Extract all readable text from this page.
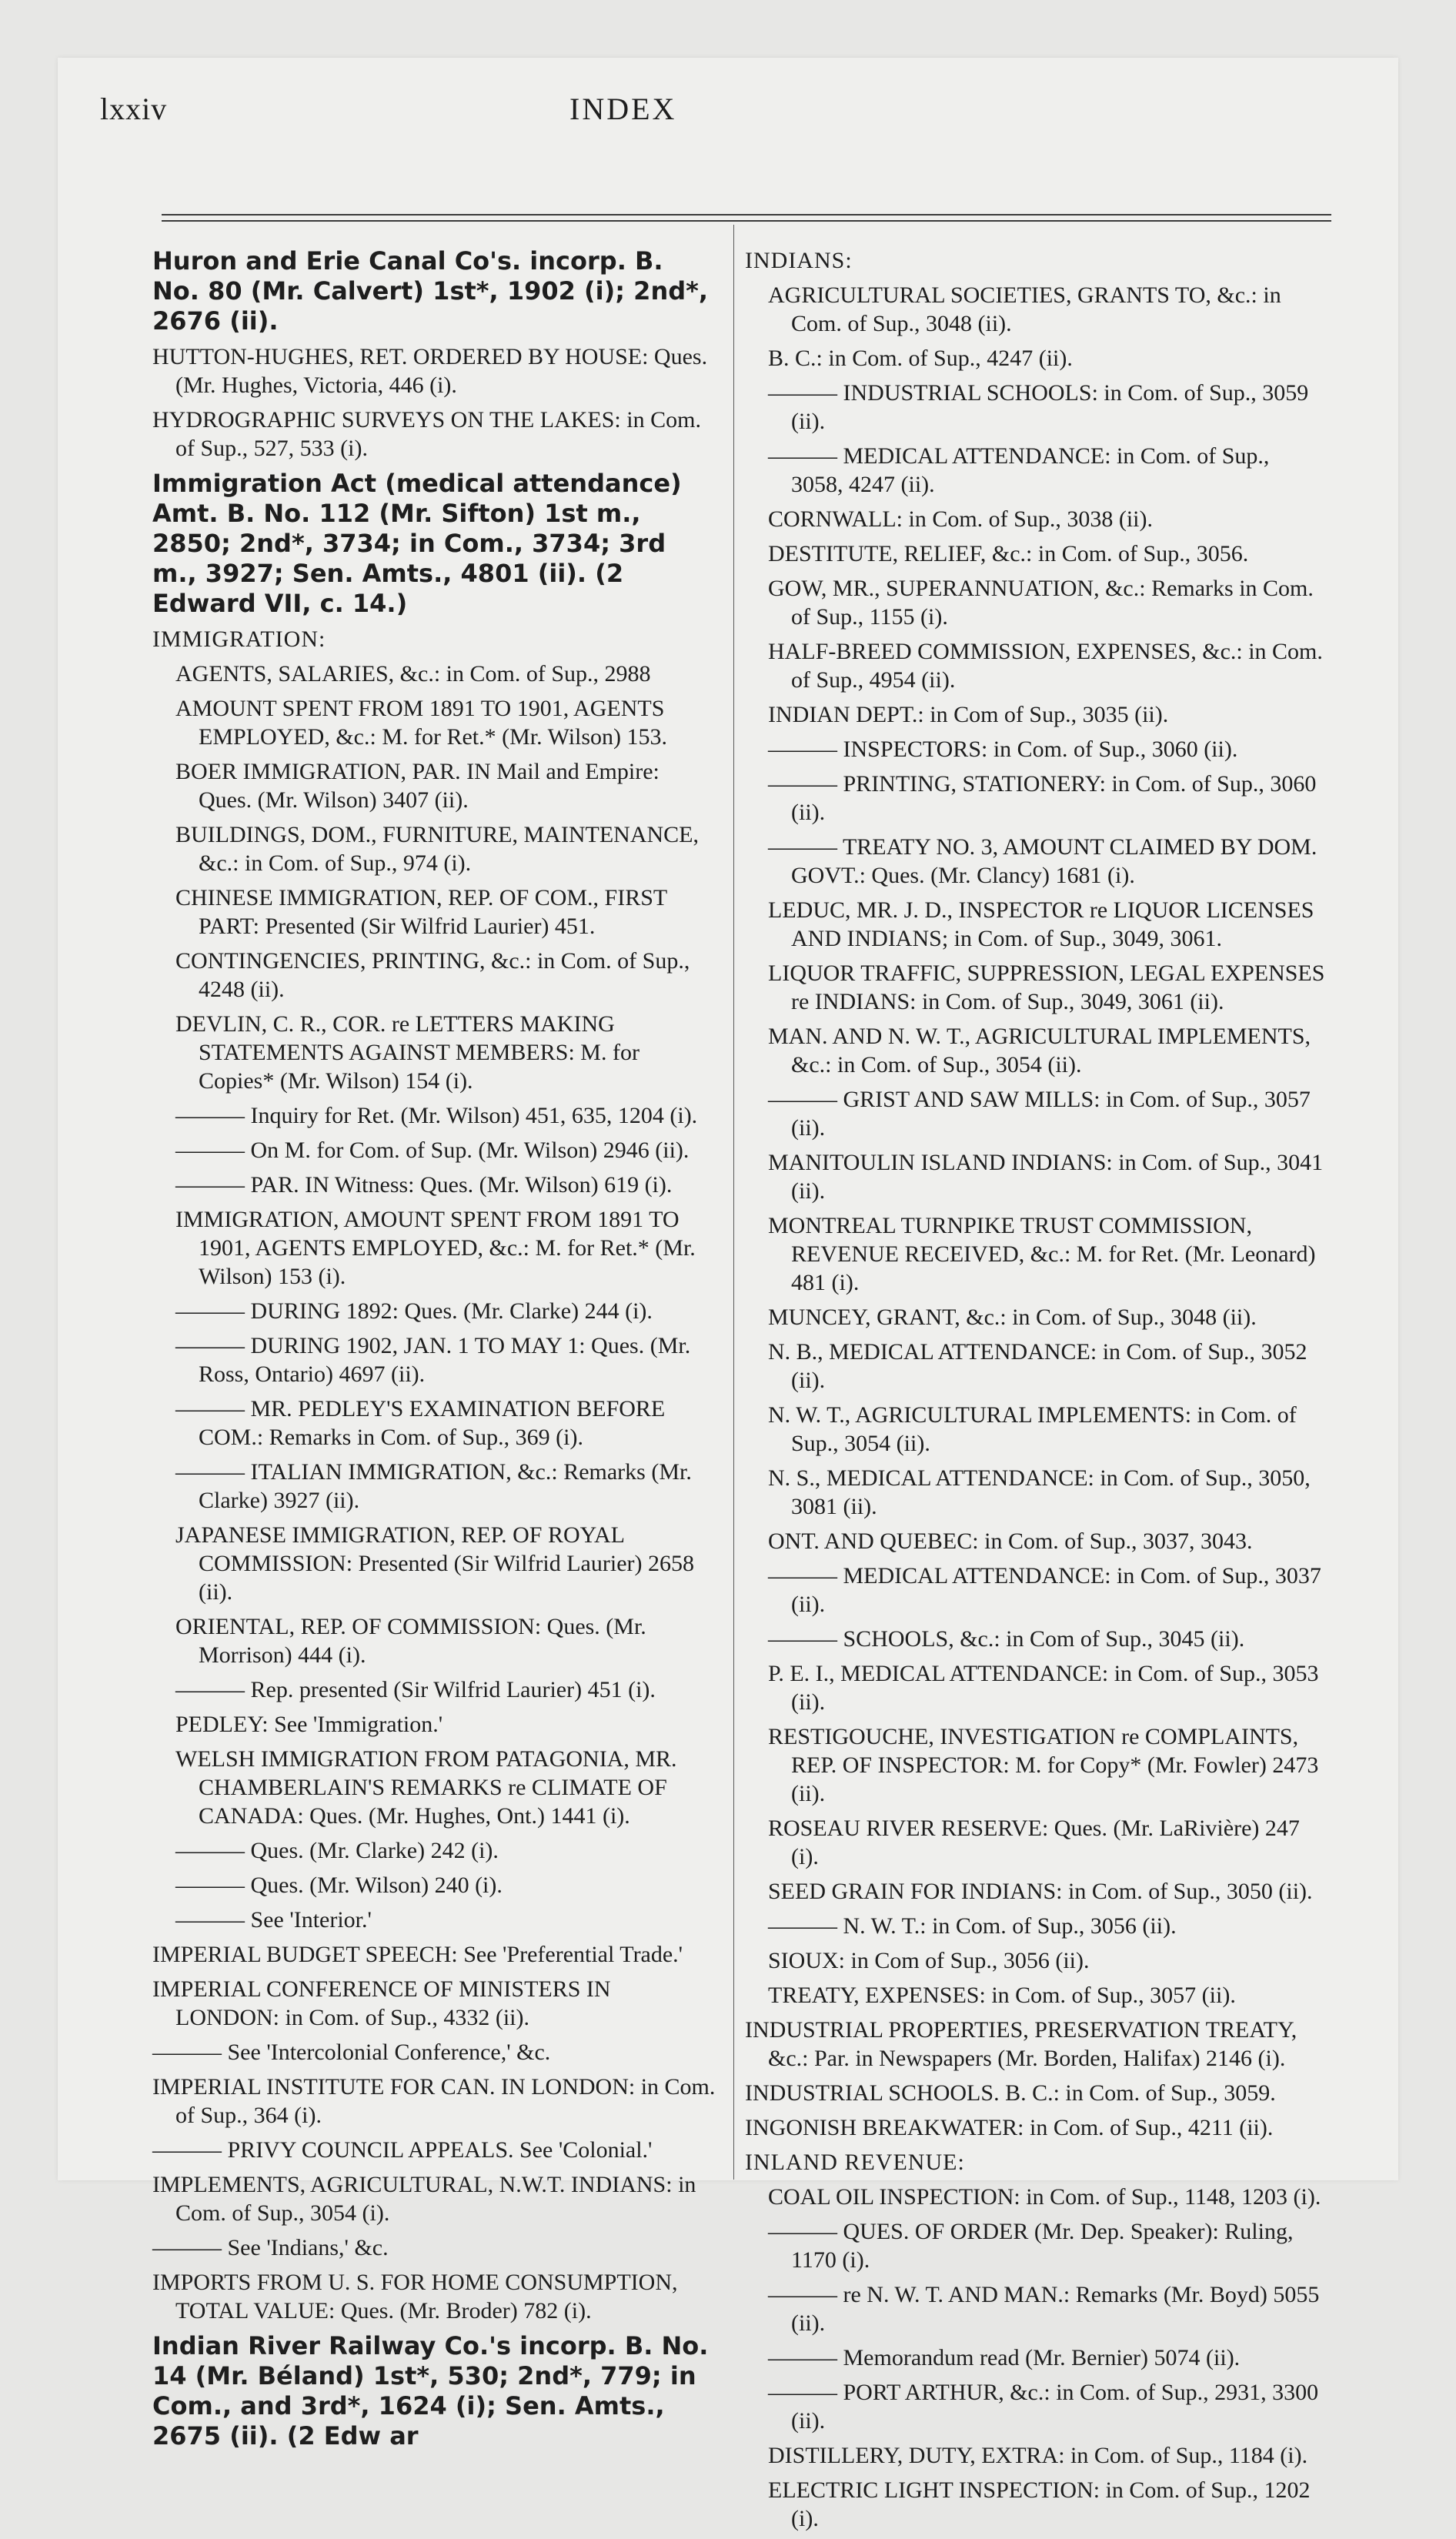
lxxiv	INDEX
Huron and Erie Canal Co's. incorp. B. No. 80 (Mr. Calvert) 1st*, 1902 (i); 2nd*, 2676 (ii).
HUTTON-HUGHES, RET. ORDERED BY HOUSE: Ques. (Mr. Hughes, Victoria, 446 (i).
HYDROGRAPHIC SURVEYS ON THE LAKES: in Com. of Sup., 527, 533 (i).
Immigration Act (medical attendance) Amt. B. No. 112 (Mr. Sifton) 1st m., 2850; 2nd*, 3734; in Com., 3734; 3rd m., 3927; Sen. Amts., 4801 (ii). (2 Edward VII, c. 14.)
IMMIGRATION:
AGENTS, SALARIES, &c.: in Com. of Sup., 2988
AMOUNT SPENT FROM 1891 TO 1901, AGENTS EMPLOYED, &c.: M. for Ret.* (Mr. Wilson) 153.
BOER IMMIGRATION, PAR. IN Mail and Empire: Ques. (Mr. Wilson) 3407 (ii).
BUILDINGS, DOM., FURNITURE, MAINTENANCE, &c.: in Com. of Sup., 974 (i).
CHINESE IMMIGRATION, REP. OF COM., FIRST PART: Presented (Sir Wilfrid Laurier) 451.
CONTINGENCIES, PRINTING, &c.: in Com. of Sup., 4248 (ii).
DEVLIN, C. R., COR. re LETTERS MAKING STATEMENTS AGAINST MEMBERS: M. for Copies* (Mr. Wilson) 154 (i).
——— Inquiry for Ret. (Mr. Wilson) 451, 635, 1204 (i).
——— On M. for Com. of Sup. (Mr. Wilson) 2946 (ii).
——— PAR. IN Witness: Ques. (Mr. Wilson) 619 (i).
IMMIGRATION, AMOUNT SPENT FROM 1891 TO 1901, AGENTS EMPLOYED, &c.: M. for Ret.* (Mr. Wilson) 153 (i).
——— DURING 1892: Ques. (Mr. Clarke) 244 (i).
——— DURING 1902, JAN. 1 TO MAY 1: Ques. (Mr. Ross, Ontario) 4697 (ii).
——— MR. PEDLEY'S EXAMINATION BEFORE COM.: Remarks in Com. of Sup., 369 (i).
——— ITALIAN IMMIGRATION, &c.: Remarks (Mr. Clarke) 3927 (ii).
JAPANESE IMMIGRATION, REP. OF ROYAL COMMISSION: Presented (Sir Wilfrid Laurier) 2658 (ii).
ORIENTAL, REP. OF COMMISSION: Ques. (Mr. Morrison) 444 (i).
——— Rep. presented (Sir Wilfrid Laurier) 451 (i).
PEDLEY: See 'Immigration.'
WELSH IMMIGRATION FROM PATAGONIA, MR. CHAMBERLAIN'S REMARKS re CLIMATE OF CANADA: Ques. (Mr. Hughes, Ont.) 1441 (i).
——— Ques. (Mr. Clarke) 242 (i).
——— Ques. (Mr. Wilson) 240 (i).
——— See 'Interior.'
IMPERIAL BUDGET SPEECH: See 'Preferential Trade.'
IMPERIAL CONFERENCE OF MINISTERS IN LONDON: in Com. of Sup., 4332 (ii).
——— See 'Intercolonial Conference,' &c.
IMPERIAL INSTITUTE FOR CAN. IN LONDON: in Com. of Sup., 364 (i).
——— PRIVY COUNCIL APPEALS. See 'Colonial.'
IMPLEMENTS, AGRICULTURAL, N.W.T. INDIANS: in Com. of Sup., 3054 (i).
——— See 'Indians,' &c.
IMPORTS FROM U. S. FOR HOME CONSUMPTION, TOTAL VALUE: Ques. (Mr. Broder) 782 (i).
Indian River Railway Co.'s incorp. B. No. 14 (Mr. Béland) 1st*, 530; 2nd*, 779; in Com., and 3rd*, 1624 (i); Sen. Amts., 2675 (ii). (2 Edw ar
INDIANS:
AGRICULTURAL SOCIETIES, GRANTS TO, &c.: in Com. of Sup., 3048 (ii).
B. C.: in Com. of Sup., 4247 (ii).
——— INDUSTRIAL SCHOOLS: in Com. of Sup., 3059 (ii).
——— MEDICAL ATTENDANCE: in Com. of Sup., 3058, 4247 (ii).
CORNWALL: in Com. of Sup., 3038 (ii).
DESTITUTE, RELIEF, &c.: in Com. of Sup., 3056.
GOW, MR., SUPERANNUATION, &c.: Remarks in Com. of Sup., 1155 (i).
HALF-BREED COMMISSION, EXPENSES, &c.: in Com. of Sup., 4954 (ii).
INDIAN DEPT.: in Com of Sup., 3035 (ii).
——— INSPECTORS: in Com. of Sup., 3060 (ii).
——— PRINTING, STATIONERY: in Com. of Sup., 3060 (ii).
——— TREATY NO. 3, AMOUNT CLAIMED BY DOM. GOVT.: Ques. (Mr. Clancy) 1681 (i).
LEDUC, MR. J. D., INSPECTOR re LIQUOR LICENSES AND INDIANS; in Com. of Sup., 3049, 3061.
LIQUOR TRAFFIC, SUPPRESSION, LEGAL EXPENSES re INDIANS: in Com. of Sup., 3049, 3061 (ii).
MAN. AND N. W. T., AGRICULTURAL IMPLEMENTS, &c.: in Com. of Sup., 3054 (ii).
——— GRIST AND SAW MILLS: in Com. of Sup., 3057 (ii).
MANITOULIN ISLAND INDIANS: in Com. of Sup., 3041 (ii).
MONTREAL TURNPIKE TRUST COMMISSION, REVENUE RECEIVED, &c.: M. for Ret. (Mr. Leonard) 481 (i).
MUNCEY, GRANT, &c.: in Com. of Sup., 3048 (ii).
N. B., MEDICAL ATTENDANCE: in Com. of Sup., 3052 (ii).
N. W. T., AGRICULTURAL IMPLEMENTS: in Com. of Sup., 3054 (ii).
N. S., MEDICAL ATTENDANCE: in Com. of Sup., 3050, 3081 (ii).
ONT. AND QUEBEC: in Com. of Sup., 3037, 3043.
——— MEDICAL ATTENDANCE: in Com. of Sup., 3037 (ii).
——— SCHOOLS, &c.: in Com of Sup., 3045 (ii).
P. E. I., MEDICAL ATTENDANCE: in Com. of Sup., 3053 (ii).
RESTIGOUCHE, INVESTIGATION re COMPLAINTS, REP. OF INSPECTOR: M. for Copy* (Mr. Fowler) 2473 (ii).
ROSEAU RIVER RESERVE: Ques. (Mr. LaRivière) 247 (i).
SEED GRAIN FOR INDIANS: in Com. of Sup., 3050 (ii).
——— N. W. T.: in Com. of Sup., 3056 (ii).
SIOUX: in Com of Sup., 3056 (ii).
TREATY, EXPENSES: in Com. of Sup., 3057 (ii).
INDUSTRIAL PROPERTIES, PRESERVATION TREATY, &c.: Par. in Newspapers (Mr. Borden, Halifax) 2146 (i).
INDUSTRIAL SCHOOLS. B. C.: in Com. of Sup., 3059.
INGONISH BREAKWATER: in Com. of Sup., 4211 (ii).
INLAND REVENUE:
COAL OIL INSPECTION: in Com. of Sup., 1148, 1203 (i).
——— QUES. OF ORDER (Mr. Dep. Speaker): Ruling, 1170 (i).
——— re N. W. T. AND MAN.: Remarks (Mr. Boyd) 5055 (ii).
——— Memorandum read (Mr. Bernier) 5074 (ii).
——— PORT ARTHUR, &c.: in Com. of Sup., 2931, 3300 (ii).
DISTILLERY, DUTY, EXTRA: in Com. of Sup., 1184 (i).
ELECTRIC LIGHT INSPECTION: in Com. of Sup., 1202 (i).
